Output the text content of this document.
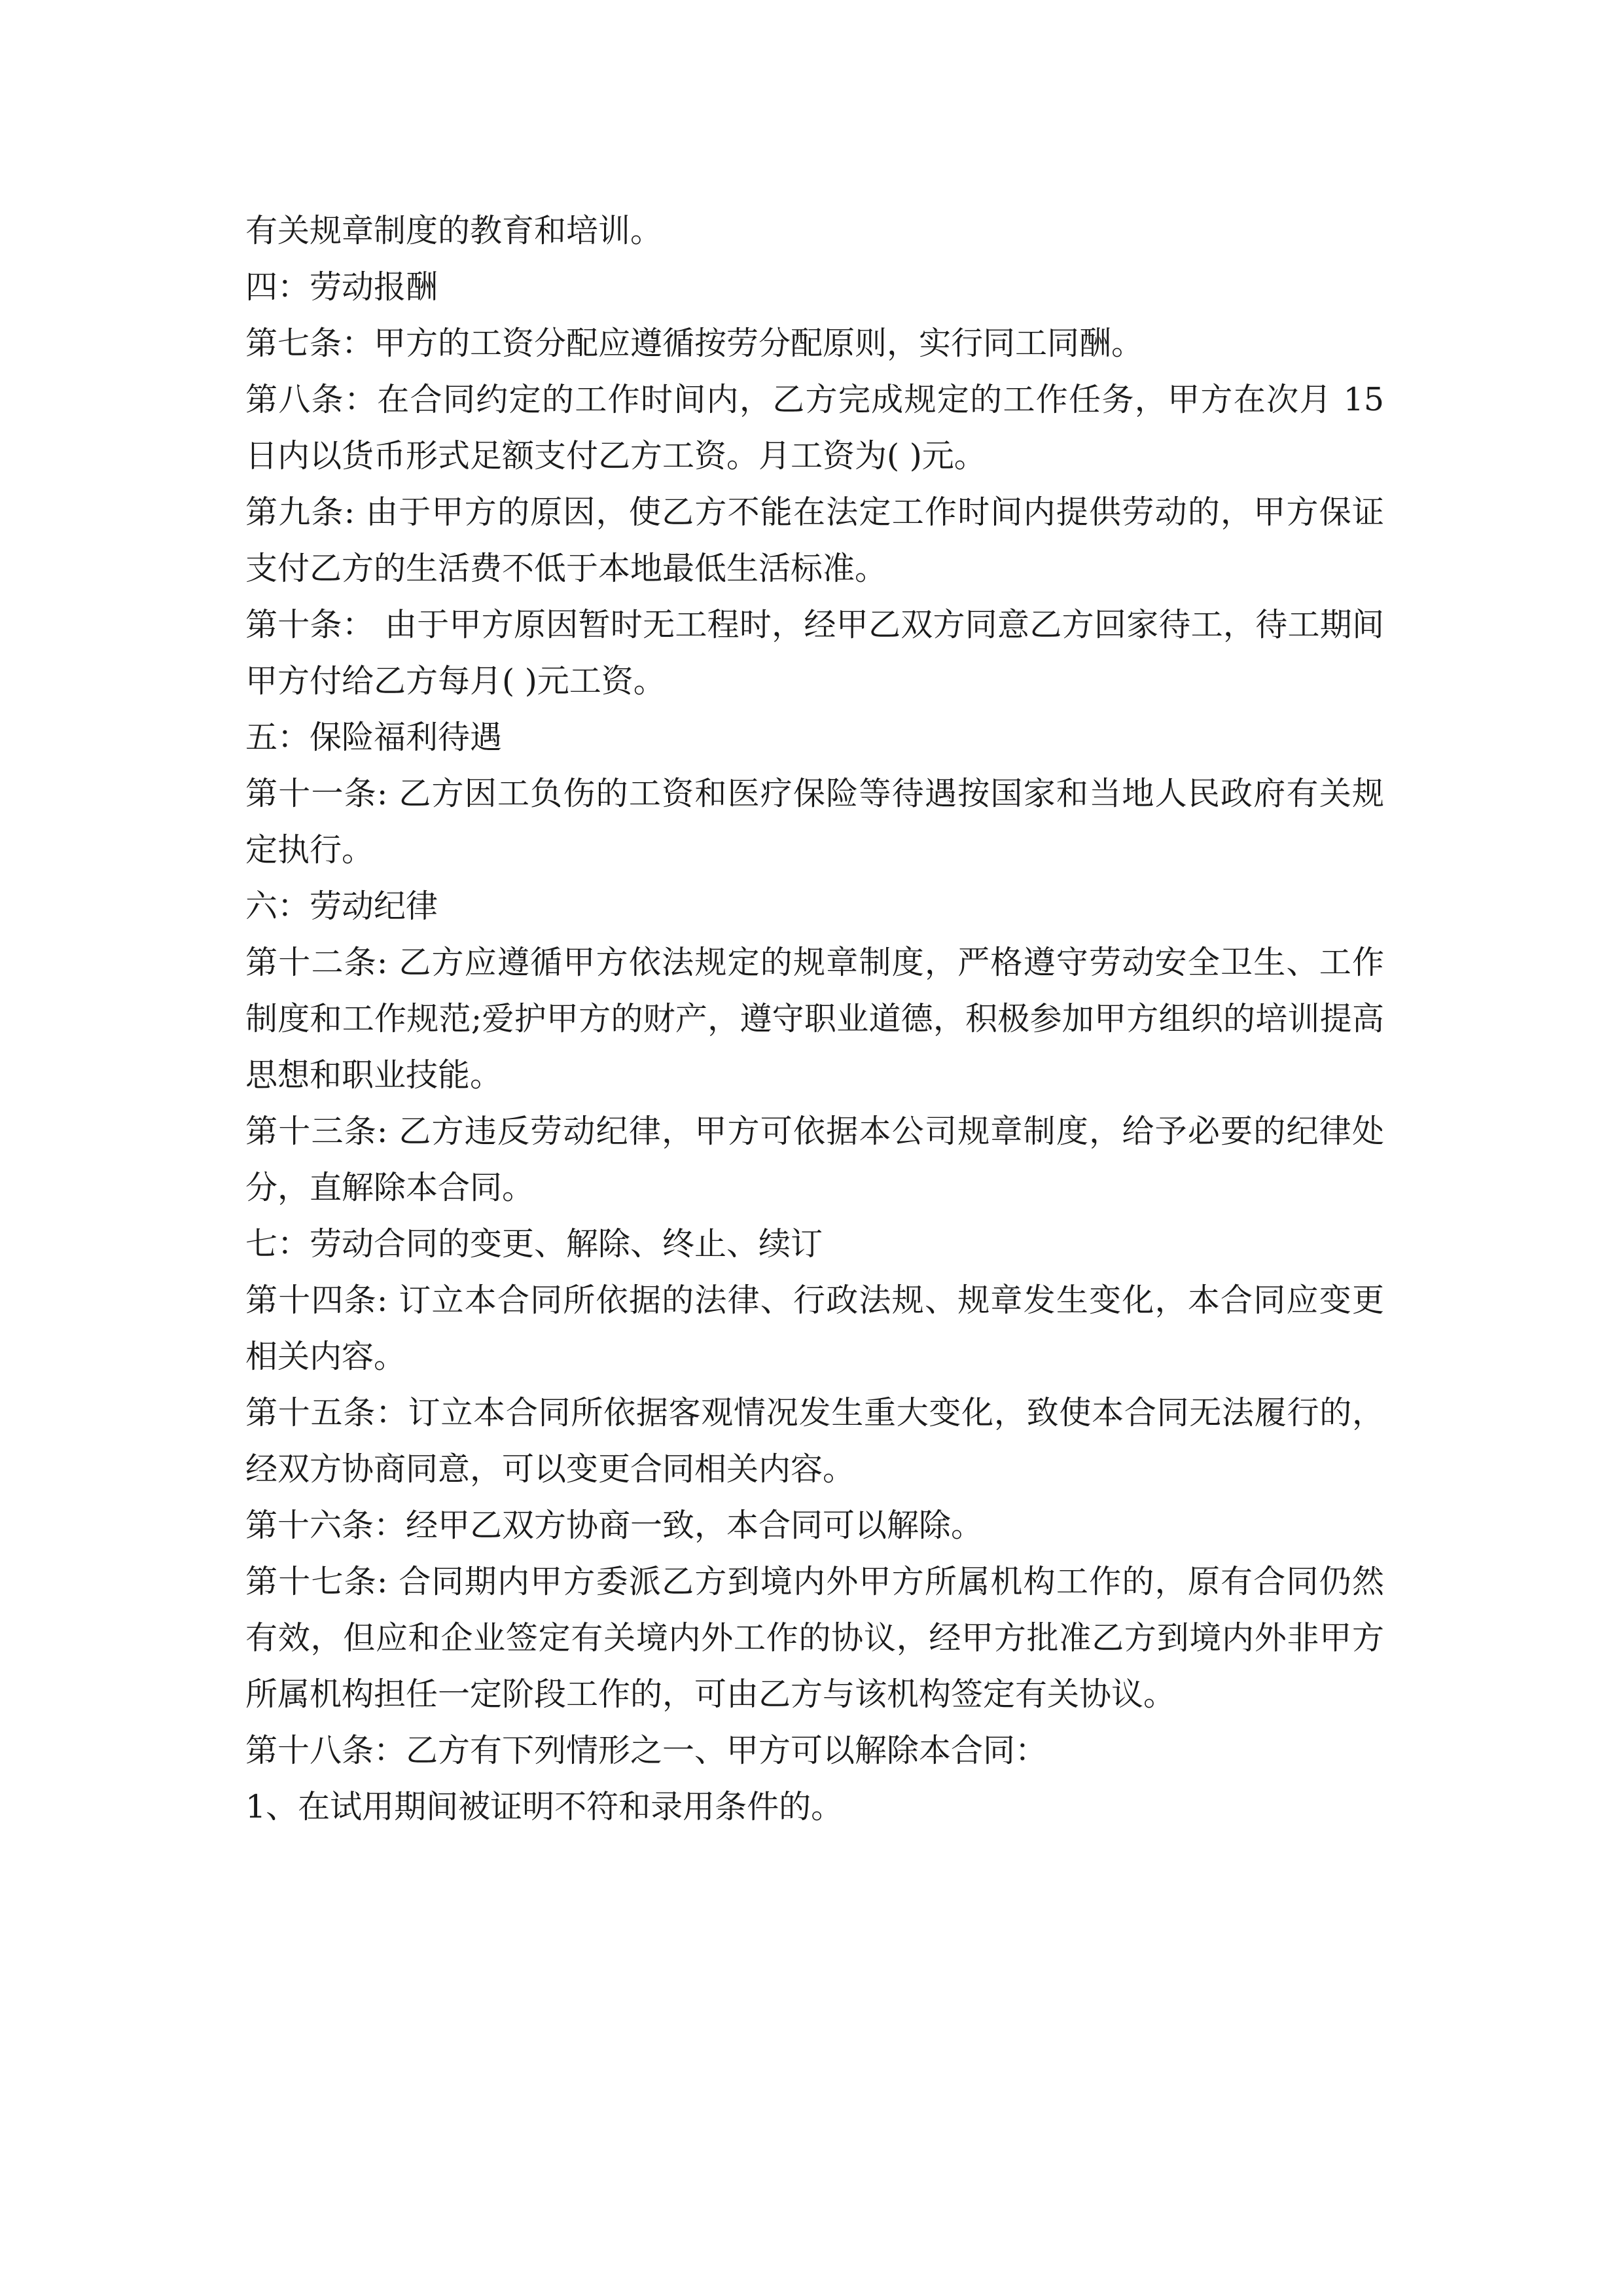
有关规章制度的教育和培训。

四：劳动报酬

第七条：甲方的工资分配应遵循按劳分配原则，实行同工同酬。

第八条：在合同约定的工作时间内，乙方完成规定的工作任务，甲方在次月 15 日内以货币形式足额支付乙方工资。月工资为( )元。

第九条: 由于甲方的原因，使乙方不能在法定工作时间内提供劳动的，甲方保证支付乙方的生活费不低于本地最低生活标准。

第十条： 由于甲方原因暂时无工程时，经甲乙双方同意乙方回家待工，待工期间甲方付给乙方每月( )元工资。

五：保险福利待遇

第十一条: 乙方因工负伤的工资和医疗保险等待遇按国家和当地人民政府有关规定执行。

六：劳动纪律

第十二条: 乙方应遵循甲方依法规定的规章制度，严格遵守劳动安全卫生、工作制度和工作规范;爱护甲方的财产，遵守职业道德，积极参加甲方组织的培训提高思想和职业技能。

第十三条: 乙方违反劳动纪律，甲方可依据本公司规章制度，给予必要的纪律处分，直解除本合同。

七：劳动合同的变更、解除、终止、续订

第十四条: 订立本合同所依据的法律、行政法规、规章发生变化，本合同应变更相关内容。

第十五条：订立本合同所依据客观情况发生重大变化，致使本合同无法履行的，经双方协商同意，可以变更合同相关内容。

第十六条：经甲乙双方协商一致，本合同可以解除。

第十七条: 合同期内甲方委派乙方到境内外甲方所属机构工作的，原有合同仍然有效，但应和企业签定有关境内外工作的协议，经甲方批准乙方到境内外非甲方所属机构担任一定阶段工作的，可由乙方与该机构签定有关协议。

第十八条：乙方有下列情形之一、甲方可以解除本合同：

1、在试用期间被证明不符和录用条件的。
